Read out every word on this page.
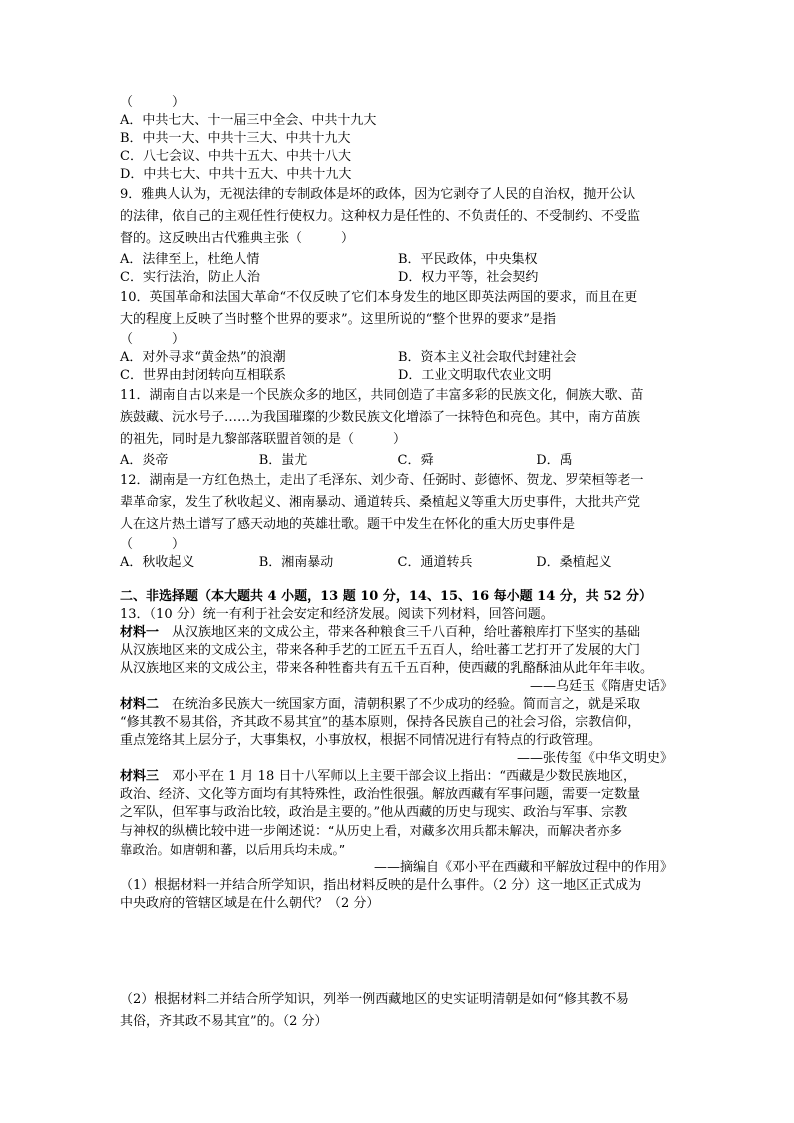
（　　　）
A．中共七大、十一届三中全会、中共十九大
B．中共一大、中共十三大、中共十九大
C．八七会议、中共十五大、中共十八大
D．中共七大、中共十五大、中共十九大
9．雅典人认为，无视法律的专制政体是坏的政体，因为它剥夺了人民的自治权，抛开公认
的法律，依自己的主观任性行使权力。这种权力是任性的、不负责任的、不受制约、不受监
督的。这反映出古代雅典主张（　　　）
A．法律至上，杜绝人情	B．平民政体，中央集权
C．实行法治，防止人治	D．权力平等，社会契约
10．英国革命和法国大革命“不仅反映了它们本身发生的地区即英法两国的要求，而且在更
大的程度上反映了当时整个世界的要求”。这里所说的“整个世界的要求”是指
（　　　）
A．对外寻求“黄金热”的浪潮	B．资本主义社会取代封建社会
C．世界由封闭转向互相联系	D．工业文明取代农业文明
11．湖南自古以来是一个民族众多的地区，共同创造了丰富多彩的民族文化，侗族大歌、苗
族鼓藏、沅水号子……为我国璀璨的少数民族文化增添了一抹特色和亮色。其中，南方苗族
的祖先，同时是九黎部落联盟首领的是（　　　）
A．炎帝	B．蚩尤	C．舜	D．禹
12．湖南是一方红色热土，走出了毛泽东、刘少奇、任弼时、彭德怀、贺龙、罗荣桓等老一
辈革命家，发生了秋收起义、湘南暴动、通道转兵、桑植起义等重大历史事件，大批共产党
人在这片热土谱写了感天动地的英雄壮歌。题干中发生在怀化的重大历史事件是
（　　　）
A．秋收起义	B．湘南暴动	C．通道转兵	D．桑植起义
二、非选择题（本大题共 4 小题，13 题 10 分，14、15、16 每小题 14 分，共 52 分）
13．（10 分）统一有利于社会安定和经济发展。阅读下列材料，回答问题。
材料一　从汉族地区来的文成公主，带来各种粮食三千八百种，给吐蕃粮库打下坚实的基础
从汉族地区来的文成公主，带来各种手艺的工匠五千五百人，给吐蕃工艺打开了发展的大门
从汉族地区来的文成公主，带来各种牲畜共有五千五百种，使西藏的乳酪酥油从此年年丰收。
——乌廷玉《隋唐史话》
材料二　在统治多民族大一统国家方面，清朝积累了不少成功的经验。简而言之，就是采取
“修其教不易其俗，齐其政不易其宜”的基本原则，保持各民族自己的社会习俗，宗教信仰，
重点笼络其上层分子，大事集权，小事放权，根据不同情况进行有特点的行政管理。
——张传玺《中华文明史》
材料三　邓小平在 1 月 18 日十八军师以上主要干部会议上指出：“西藏是少数民族地区，
政治、经济、文化等方面均有其特殊性，政治性很强。解放西藏有军事问题，需要一定数量
之军队，但军事与政治比较，政治是主要的。”他从西藏的历史与现实、政治与军事、宗教
与神权的纵横比较中进一步阐述说：“从历史上看，对藏多次用兵都未解决，而解决者亦多
靠政治。如唐朝和蕃，以后用兵均未成。”
——摘编自《邓小平在西藏和平解放过程中的作用》
（1）根据材料一并结合所学知识，指出材料反映的是什么事件。（2 分）这一地区正式成为
中央政府的管辖区域是在什么朝代？（2 分）
（2）根据材料二并结合所学知识，列举一例西藏地区的史实证明清朝是如何“修其教不易
其俗，齐其政不易其宜”的。（2 分）
